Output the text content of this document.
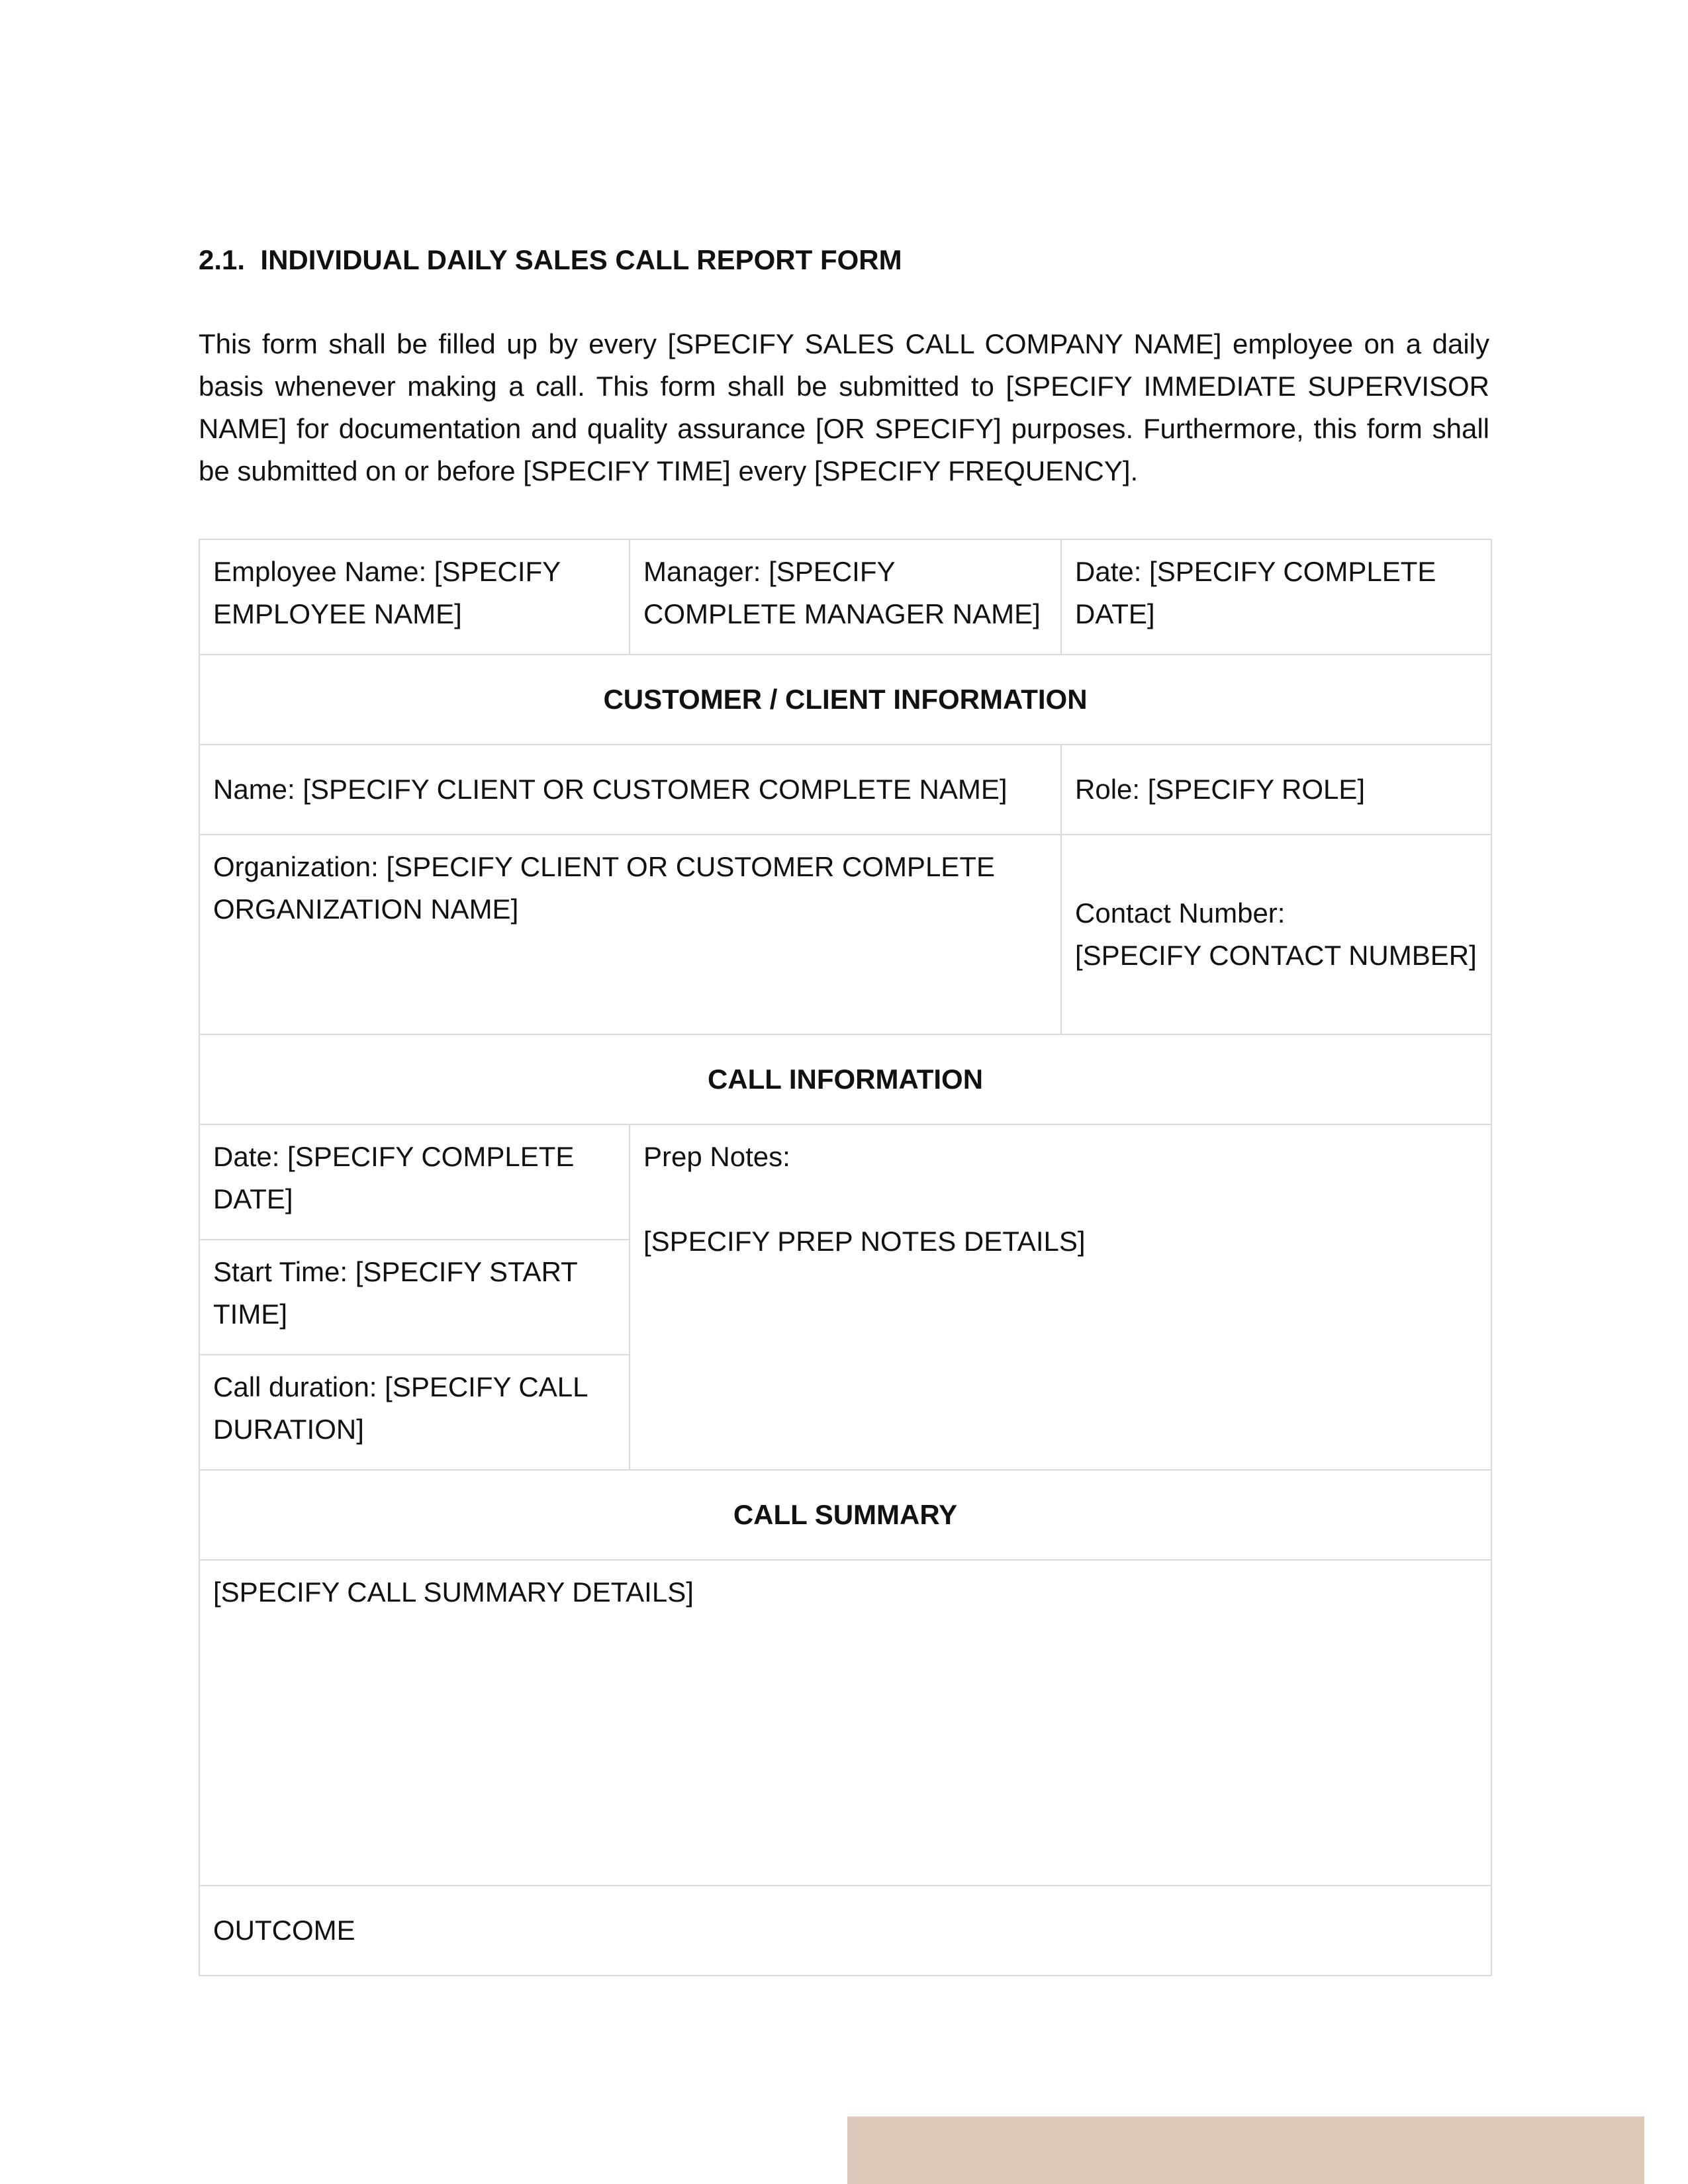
2.1. INDIVIDUAL DAILY SALES CALL REPORT FORM

This form shall be filled up by every [SPECIFY SALES CALL COMPANY NAME] employee on a daily basis whenever making a call. This form shall be submitted to [SPECIFY IMMEDIATE SUPERVISOR NAME] for documentation and quality assurance [OR SPECIFY] purposes. Furthermore, this form shall be submitted on or before [SPECIFY TIME] every [SPECIFY FREQUENCY].

Employee Name: [SPECIFY EMPLOYEE NAME]	Manager: [SPECIFY COMPLETE MANAGER NAME]	Date: [SPECIFY COMPLETE DATE]
CUSTOMER / CLIENT INFORMATION		
Name: [SPECIFY CLIENT OR CUSTOMER COMPLETE NAME]		Role: [SPECIFY ROLE]
Organization: [SPECIFY CLIENT OR CUSTOMER COMPLETE ORGANIZATION NAME]		Contact Number:
[SPECIFY CONTACT NUMBER]

CALL INFORMATION		
Date: [SPECIFY COMPLETE DATE]	Prep Notes:
[SPECIFY PREP NOTES DETAILS]	

Start Time: [SPECIFY START TIME]		
Call duration: [SPECIFY CALL DURATION]		
CALL SUMMARY		
[SPECIFY CALL SUMMARY DETAILS]		
OUTCOME		
